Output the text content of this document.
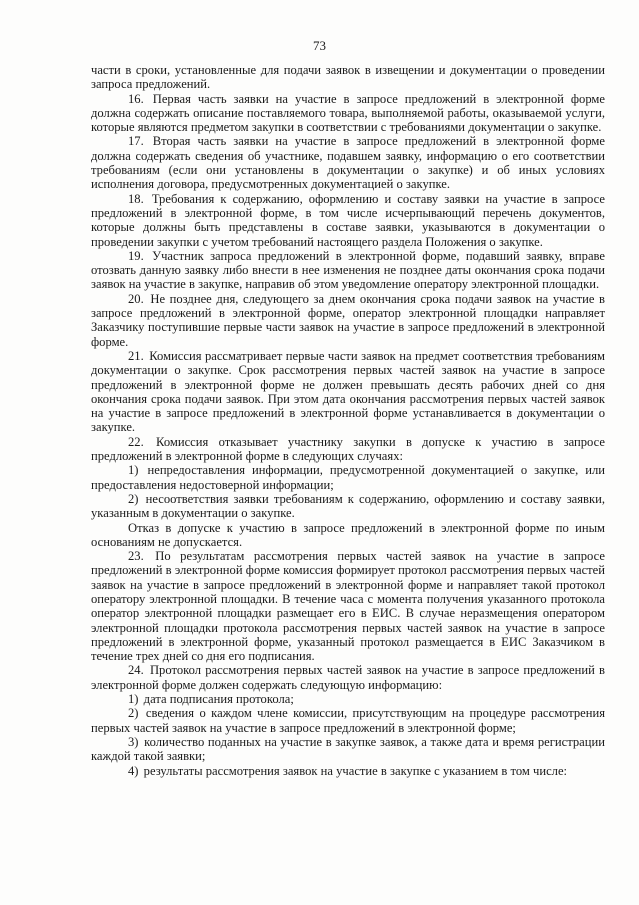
73

части в сроки, установленные для подачи заявок в извещении и документации о проведении запроса предложений.

16. Первая часть заявки на участие в запросе предложений в электронной форме должна содержать описание поставляемого товара, выполняемой работы, оказываемой услуги, которые являются предметом закупки в соответствии с требованиями документации о закупке.

17. Вторая часть заявки на участие в запросе предложений в электронной форме должна содержать сведения об участнике, подавшем заявку, информацию о его соответствии требованиям (если они установлены в документации о закупке) и об иных условиях исполнения договора, предусмотренных документацией о закупке.

18. Требования к содержанию, оформлению и составу заявки на участие в запросе предложений в электронной форме, в том числе исчерпывающий перечень документов, которые должны быть представлены в составе заявки, указываются в документации о проведении закупки с учетом требований настоящего раздела Положения о закупке.

19. Участник запроса предложений в электронной форме, подавший заявку, вправе отозвать данную заявку либо внести в нее изменения не позднее даты окончания срока подачи заявок на участие в закупке, направив об этом уведомление оператору электронной площадки.

20. Не позднее дня, следующего за днем окончания срока подачи заявок на участие в запросе предложений в электронной форме, оператор электронной площадки направляет Заказчику поступившие первые части заявок на участие в запросе предложений в электронной форме.

21. Комиссия рассматривает первые части заявок на предмет соответствия требованиям документации о закупке. Срок рассмотрения первых частей заявок на участие в запросе предложений в электронной форме не должен превышать десять рабочих дней со дня окончания срока подачи заявок. При этом дата окончания рассмотрения первых частей заявок на участие в запросе предложений в электронной форме устанавливается в документации о закупке.

22. Комиссия отказывает участнику закупки в допуске к участию в запросе предложений в электронной форме в следующих случаях:

1) непредоставления информации, предусмотренной документацией о закупке, или предоставления недостоверной информации;

2) несоответствия заявки требованиям к содержанию, оформлению и составу заявки, указанным в документации о закупке.

Отказ в допуске к участию в запросе предложений в электронной форме по иным основаниям не допускается.

23. По результатам рассмотрения первых частей заявок на участие в запросе предложений в электронной форме комиссия формирует протокол рассмотрения первых частей заявок на участие в запросе предложений в электронной форме и направляет такой протокол оператору электронной площадки. В течение часа с момента получения указанного протокола оператор электронной площадки размещает его в ЕИС. В случае неразмещения оператором электронной площадки протокола рассмотрения первых частей заявок на участие в запросе предложений в электронной форме, указанный протокол размещается в ЕИС Заказчиком в течение трех дней со дня его подписания.

24. Протокол рассмотрения первых частей заявок на участие в запросе предложений в электронной форме должен содержать следующую информацию:

1) дата подписания протокола;

2) сведения о каждом члене комиссии, присутствующим на процедуре рассмотрения первых частей заявок на участие в запросе предложений в электронной форме;

3) количество поданных на участие в закупке заявок, а также дата и время регистрации каждой такой заявки;

4) результаты рассмотрения заявок на участие в закупке с указанием в том числе:
